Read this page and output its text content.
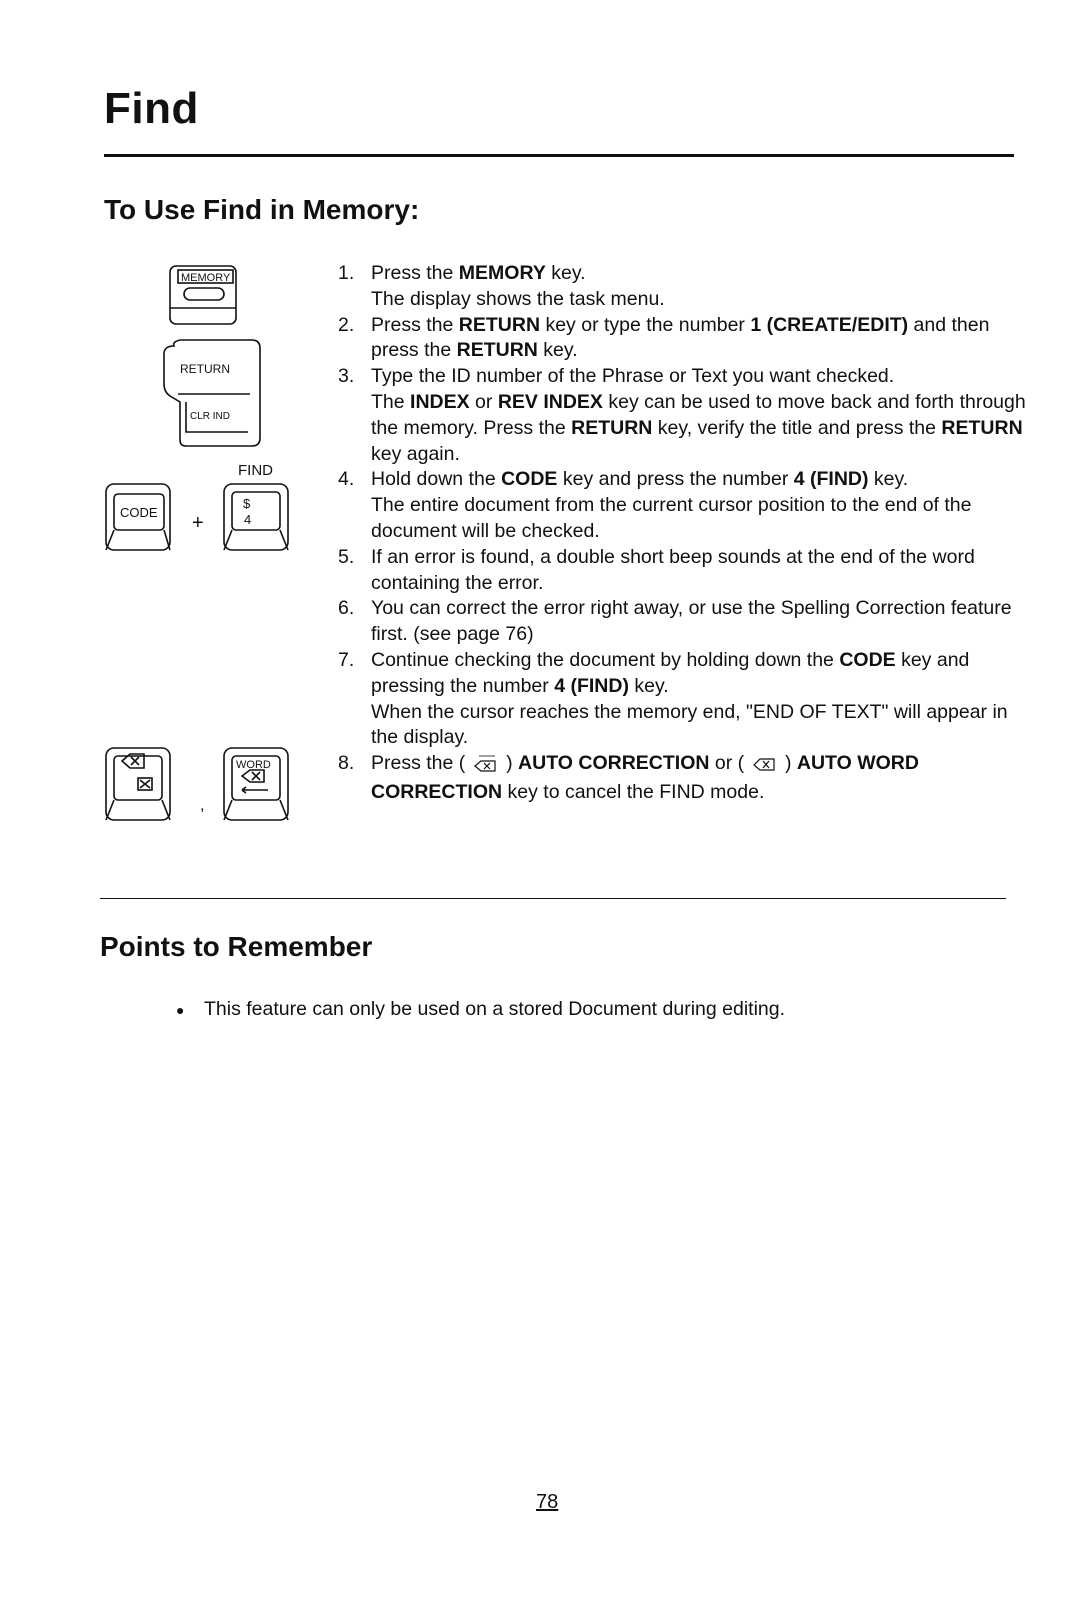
Find
To Use Find in Memory:
MEMORY
RETURN
CLR IND
FIND
CODE +
$
4
,
WORD
1. Press the MEMORY key.
The display shows the task menu.
2. Press the RETURN key or type the number 1 (CREATE/EDIT) and then press the RETURN key.
3. Type the ID number of the Phrase or Text you want checked.
The INDEX or REV INDEX key can be used to move back and forth through the memory. Press the RETURN key, verify the title and press the RETURN key again.
4. Hold down the CODE key and press the number 4 (FIND) key.
The entire document from the current cursor position to the end of the document will be checked.
5. If an error is found, a double short beep sounds at the end of the word containing the error.
6. You can correct the error right away, or use the Spelling Correction feature first. (see page 76)
7. Continue checking the document by holding down the CODE key and pressing the number 4 (FIND) key.
When the cursor reaches the memory end, "END OF TEXT" will appear in the display.
8. Press the (  ) AUTO CORRECTION or (  ) AUTO WORD CORRECTION key to cancel the FIND mode.
Points to Remember
●	This feature can only be used on a stored Document during editing.
78
